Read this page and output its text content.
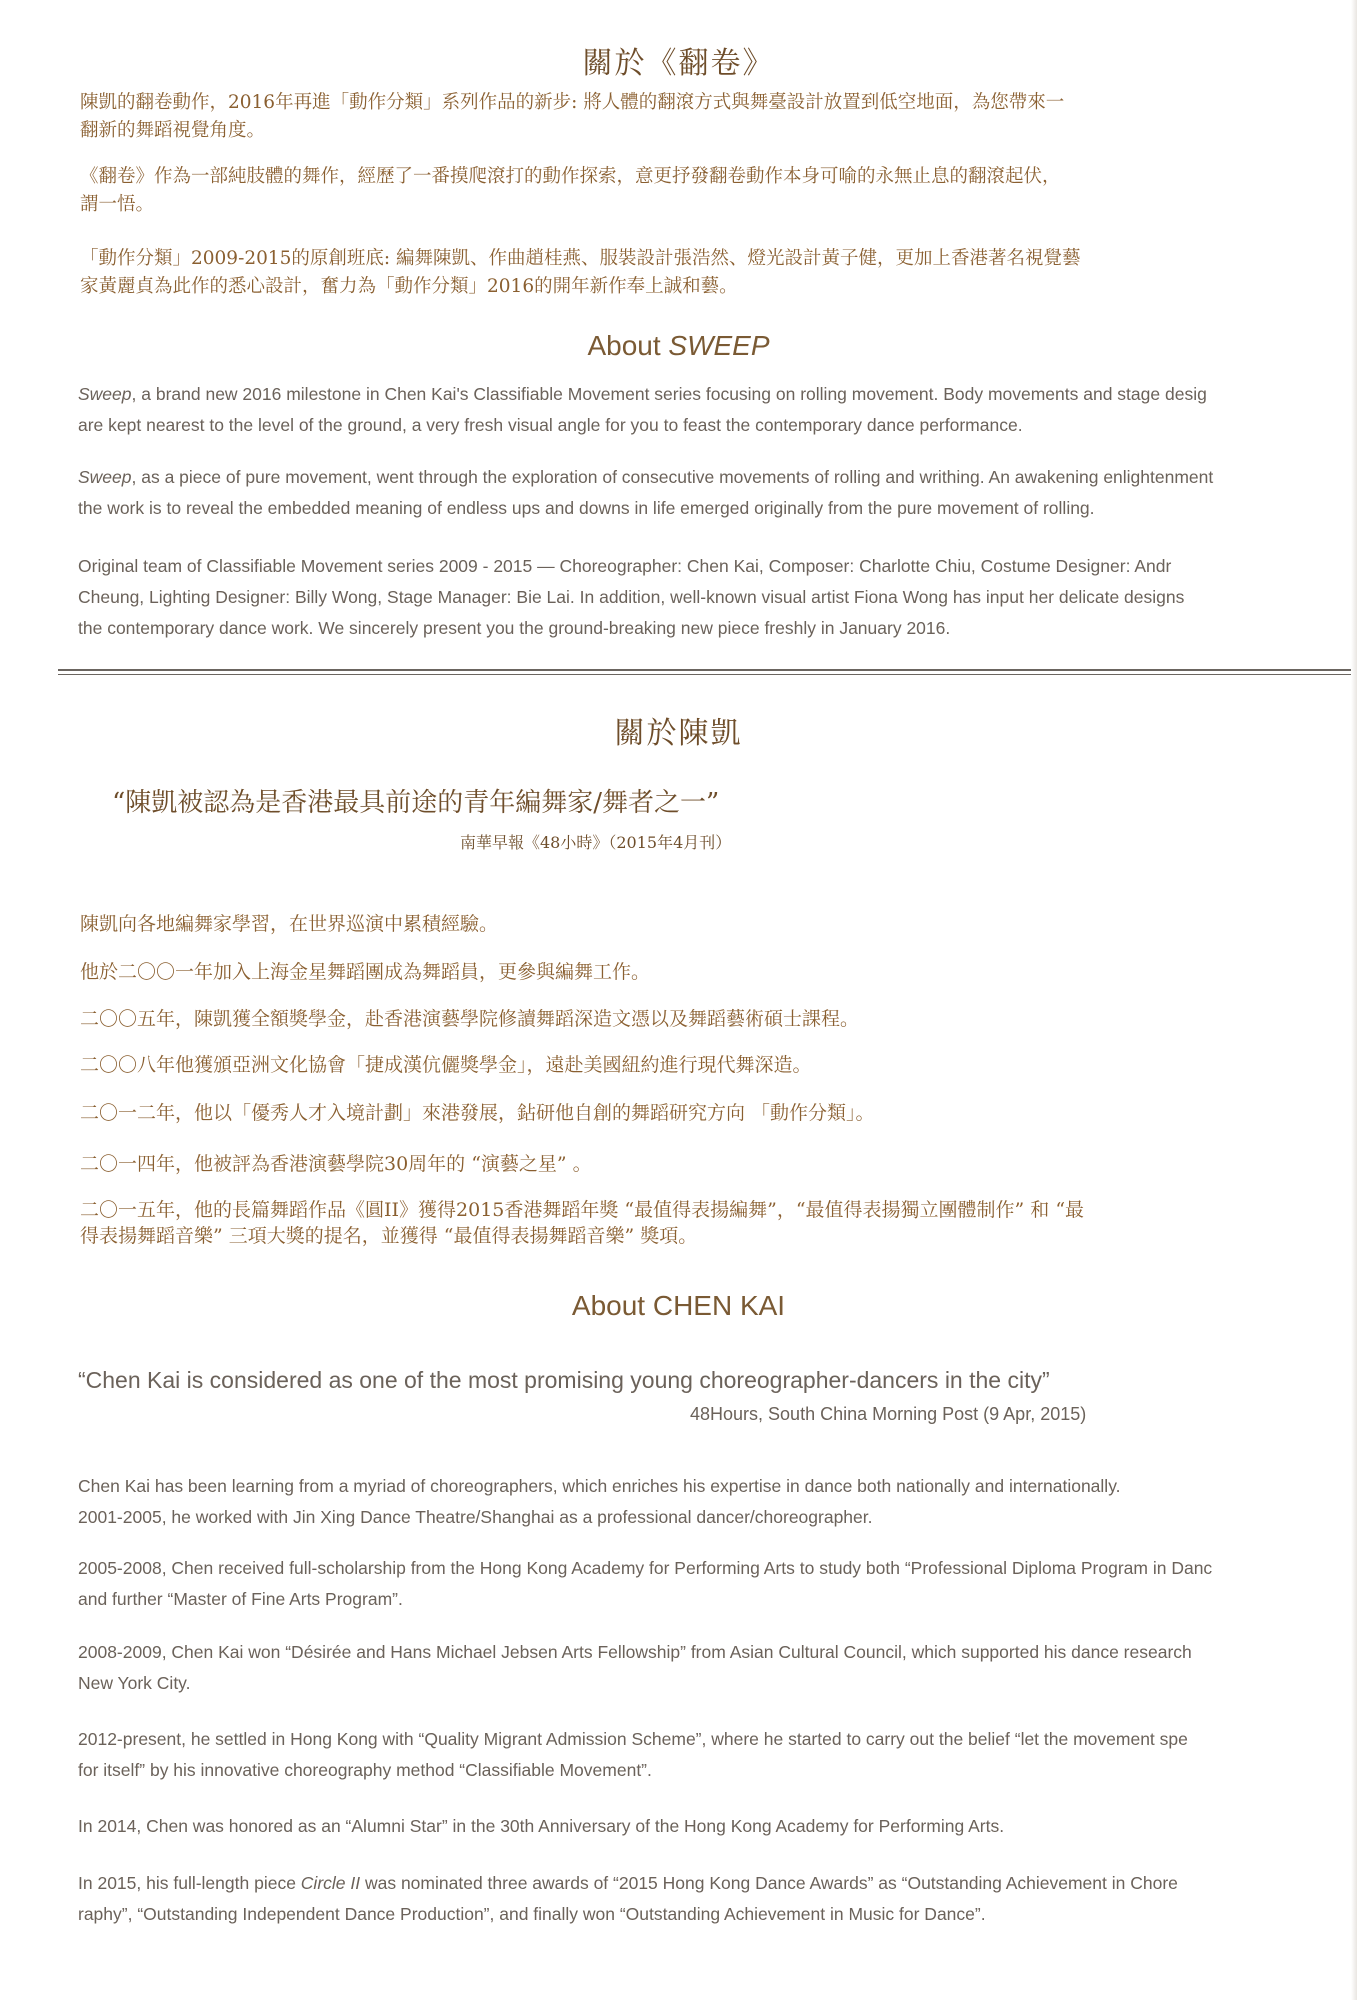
關於《翻卷》
陳凱的翻卷動作，2016年再進「動作分類」系列作品的新步: 將人體的翻滾方式與舞臺設計放置到低空地面，為您帶來一
翻新的舞蹈視覺角度。
《翻卷》作為一部純肢體的舞作，經歷了一番摸爬滾打的動作探索，意更抒發翻卷動作本身可喻的永無止息的翻滾起伏，
謂一悟。
「動作分類」2009-2015的原創班底: 編舞陳凱、作曲趙桂燕、服裝設計張浩然、燈光設計黃子健，更加上香港著名視覺藝
家黃麗貞為此作的悉心設計，奮力為「動作分類」2016的開年新作奉上誠和藝。
About SWEEP
Sweep, a brand new 2016 milestone in Chen Kai's Classifiable Movement series focusing on rolling movement. Body movements and stage desig
are kept nearest to the level of the ground, a very fresh visual angle for you to feast the contemporary dance performance.
Sweep, as a piece of pure movement, went through the exploration of consecutive movements of rolling and writhing. An awakening enlightenment
the work is to reveal the embedded meaning of endless ups and downs in life emerged originally from the pure movement of rolling.
Original team of Classifiable Movement series 2009 - 2015 — Choreographer: Chen Kai, Composer: Charlotte Chiu, Costume Designer: Andr
Cheung, Lighting Designer: Billy Wong, Stage Manager: Bie Lai. In addition, well-known visual artist Fiona Wong has input her delicate designs
the contemporary dance work. We sincerely present you the ground-breaking new piece freshly in January 2016.
關於陳凱
“陳凱被認為是香港最具前途的青年編舞家/舞者之一”
南華早報《48小時》（2015年4月刊）
陳凱向各地編舞家學習，在世界巡演中累積經驗。
他於二〇〇一年加入上海金星舞蹈團成為舞蹈員，更參與編舞工作。
二〇〇五年，陳凱獲全額獎學金，赴香港演藝學院修讀舞蹈深造文憑以及舞蹈藝術碩士課程。
二〇〇八年他獲頒亞洲文化協會「捷成漢伉儷獎學金」，遠赴美國紐約進行現代舞深造。
二〇一二年，他以「優秀人才入境計劃」來港發展，鉆研他自創的舞蹈研究方向 「動作分類」。
二〇一四年，他被評為香港演藝學院30周年的 “演藝之星” 。
二〇一五年，他的長篇舞蹈作品《圓II》獲得2015香港舞蹈年獎 “最值得表揚編舞”，“最值得表揚獨立團體制作” 和 “最
得表揚舞蹈音樂” 三項大獎的提名，並獲得 “最值得表揚舞蹈音樂” 獎項。
About CHEN KAI
“Chen Kai is considered as one of the most promising young choreographer-dancers in the city”
48Hours, South China Morning Post (9 Apr, 2015)
Chen Kai has been learning from a myriad of choreographers, which enriches his expertise in dance both nationally and internationally.
2001-2005, he worked with Jin Xing Dance Theatre/Shanghai as a professional dancer/choreographer.
2005-2008, Chen received full-scholarship from the Hong Kong Academy for Performing Arts to study both “Professional Diploma Program in Danc
and further “Master of Fine Arts Program”.
2008-2009, Chen Kai won “Désirée and Hans Michael Jebsen Arts Fellowship” from Asian Cultural Council, which supported his dance research
New York City.
2012-present, he settled in Hong Kong with “Quality Migrant Admission Scheme”, where he started to carry out the belief “let the movement spe
for itself” by his innovative choreography method “Classifiable Movement”.
In 2014, Chen was honored as an “Alumni Star” in the 30th Anniversary of the Hong Kong Academy for Performing Arts.
In 2015, his full-length piece Circle II was nominated three awards of “2015 Hong Kong Dance Awards” as “Outstanding Achievement in Chore
raphy”, “Outstanding Independent Dance Production”, and finally won “Outstanding Achievement in Music for Dance”.
